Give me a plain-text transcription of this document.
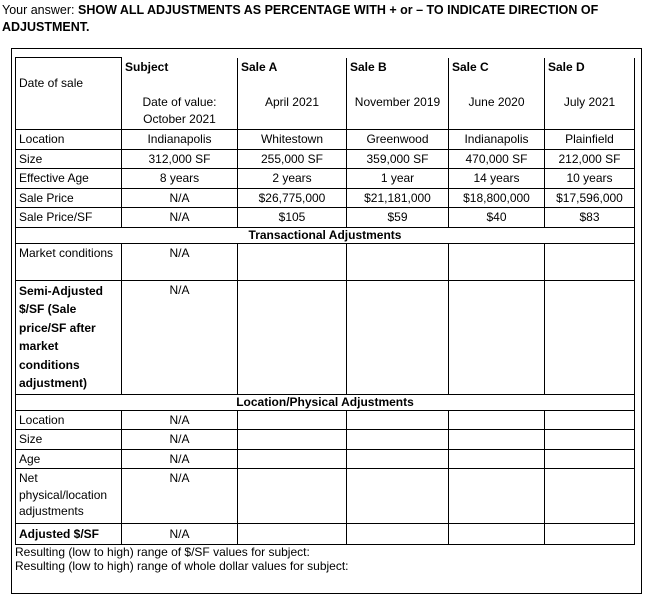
Your answer: SHOW ALL ADJUSTMENTS AS PERCENTAGE WITH + or – TO INDICATE DIRECTION OF ADJUSTMENT.
Date of sale	Subject	Sale A	Sale B	Sale C	Sale D
	Date of value: October 2021	April 2021	November 2019	June 2020	July 2021
Location	Indianapolis	Whitestown	Greenwood	Indianapolis	Plainfield
Size	312,000 SF	255,000 SF	359,000 SF	470,000 SF	212,000 SF
Effective Age	8 years	2 years	1 year	14 years	10 years
Sale Price	N/A	$26,775,000	$21,181,000	$18,800,000	$17,596,000
Sale Price/SF	N/A	$105	$59	$40	$83
Transactional Adjustments					
Market conditions	N/A				
Semi-Adjusted $/SF (Sale price/SF after market conditions adjustment)	N/A				
Location/Physical Adjustments					
Location	N/A				
Size	N/A				
Age	N/A				
Net physical/location adjustments	N/A				
Adjusted $/SF	N/A				
Resulting (low to high) range of $/SF values for subject:
Resulting (low to high) range of whole dollar values for subject:
